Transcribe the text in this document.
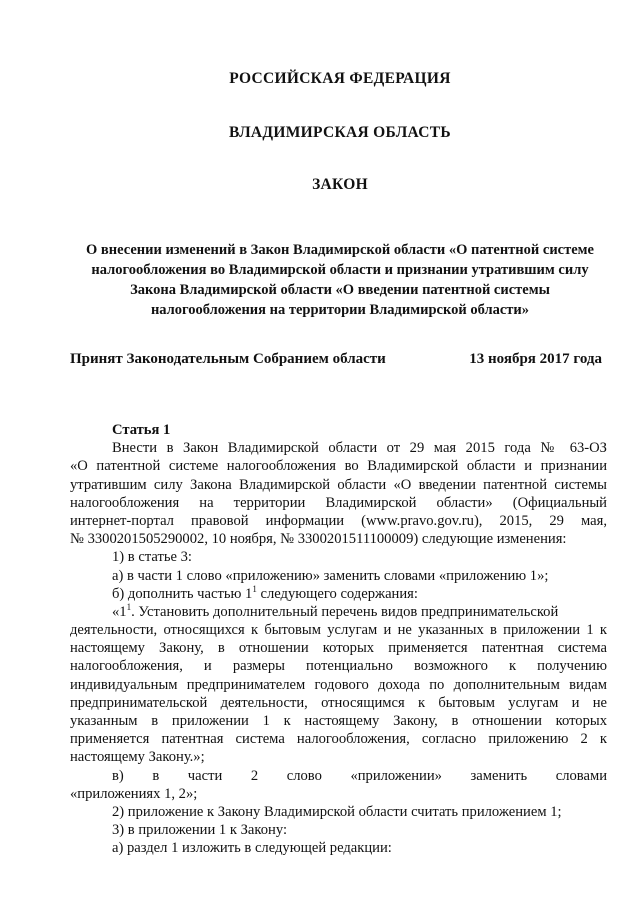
РОССИЙСКАЯ ФЕДЕРАЦИЯ
ВЛАДИМИРСКАЯ ОБЛАСТЬ
ЗАКОН
О внесении изменений в Закон Владимирской области «О патентной системе
налогообложения во Владимирской области и признании утратившим силу
Закона Владимирской области «О введении патентной системы
налогообложения на территории Владимирской области»
Принят Законодательным Собранием области	13 ноября 2017 года
Статья 1
Внести в Закон Владимирской области от 29 мая 2015 года № 63-ОЗ
«О патентной системе налогообложения во Владимирской области и признании
утратившим силу Закона Владимирской области «О введении патентной системы
налогообложения на территории Владимирской области» (Официальный
интернет-портал правовой информации (www.pravo.gov.ru), 2015, 29 мая,
№ 3300201505290002, 10 ноября, № 3300201511100009) следующие изменения:
1) в статье 3:
а) в части 1 слово «приложению» заменить словами «приложению 1»;
б) дополнить частью $1^1$ следующего содержания:
«$1^1$. Установить дополнительный перечень видов предпринимательской
деятельности, относящихся к бытовым услугам и не указанных в приложении 1 к
настоящему Закону, в отношении которых применяется патентная система
налогообложения, и размеры потенциально возможного к получению
индивидуальным предпринимателем годового дохода по дополнительным видам
предпринимательской деятельности, относящимся к бытовым услугам и не
указанным в приложении 1 к настоящему Закону, в отношении которых
применяется патентная система налогообложения, согласно приложению 2 к
настоящему Закону.»;
в) в части 2 слово «приложении» заменить словами
«приложениях 1, 2»;
2) приложение к Закону Владимирской области считать приложением 1;
3) в приложении 1 к Закону:
а) раздел 1 изложить в следующей редакции:
